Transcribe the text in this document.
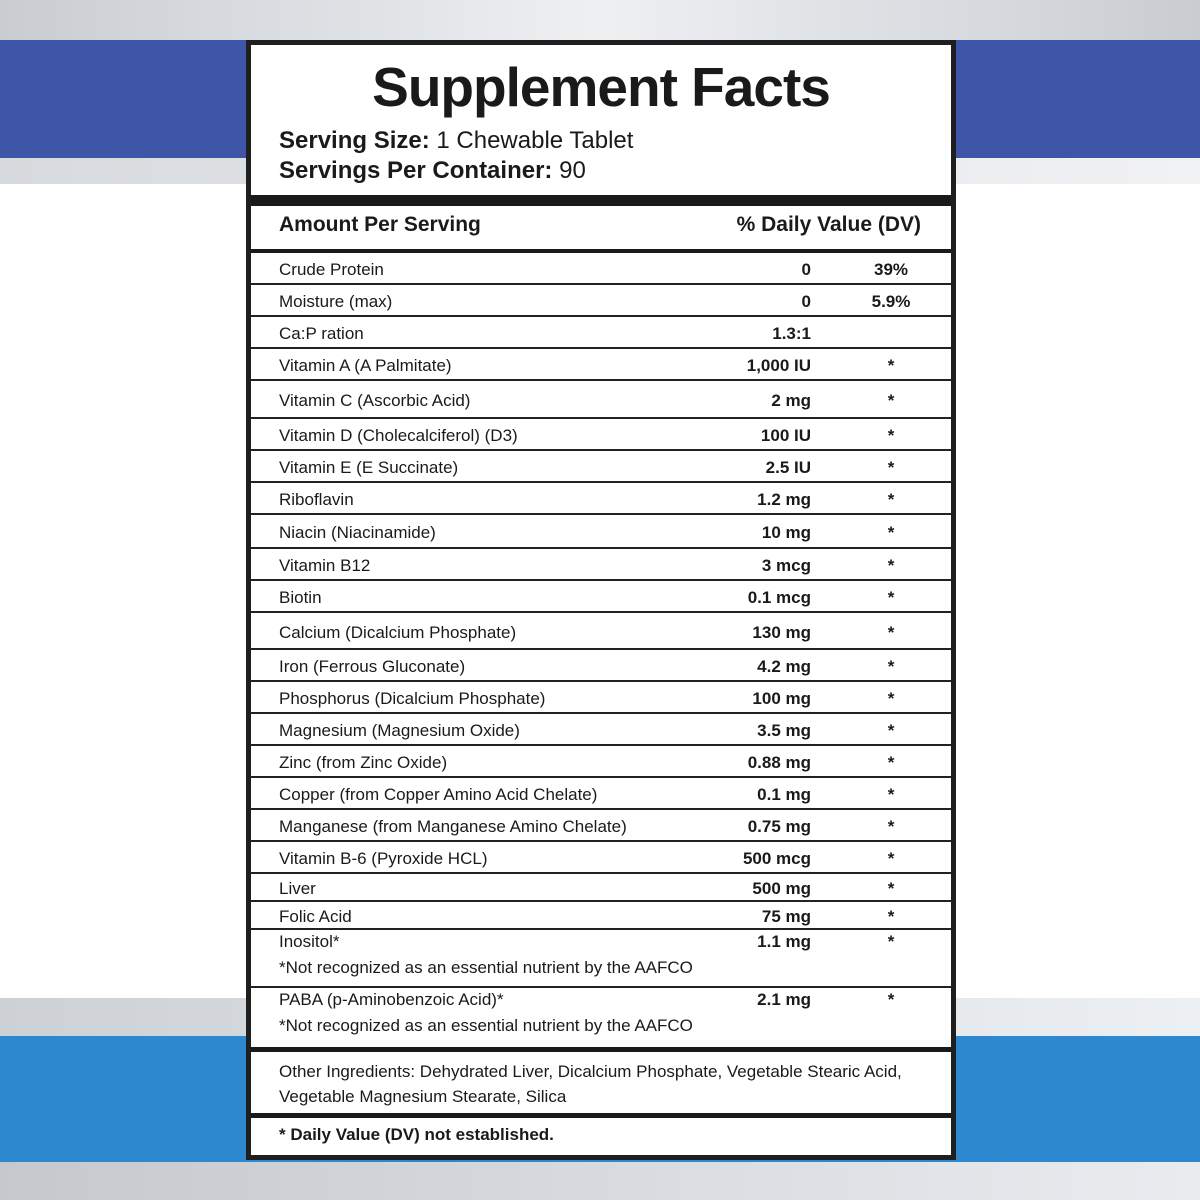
Supplement Facts
Serving Size: 1 Chewable Tablet
Servings Per Container: 90
Amount Per Serving	% Daily Value (DV)
Crude Protein	0	39%
Moisture (max)	0	5.9%
Ca:P ration	1.3:1
Vitamin A (A Palmitate)	1,000 IU	*
Vitamin C (Ascorbic Acid)	2 mg	*
Vitamin D (Cholecalciferol) (D3)	100 IU	*
Vitamin E (E Succinate)	2.5 IU	*
Riboflavin	1.2 mg	*
Niacin (Niacinamide)	10 mg	*
Vitamin B12	3 mcg	*
Biotin	0.1 mcg	*
Calcium (Dicalcium Phosphate)	130 mg	*
Iron (Ferrous Gluconate)	4.2 mg	*
Phosphorus (Dicalcium Phosphate)	100 mg	*
Magnesium (Magnesium Oxide)	3.5 mg	*
Zinc (from Zinc Oxide)	0.88 mg	*
Copper (from Copper Amino Acid Chelate)	0.1 mg	*
Manganese (from Manganese Amino Chelate)	0.75 mg	*
Vitamin B-6 (Pyroxide HCL)	500 mcg	*
Liver	500 mg	*
Folic Acid	75 mg	*
Inositol*	1.1 mg	*
*Not recognized as an essential nutrient by the AAFCO
PABA (p-Aminobenzoic Acid)*	2.1 mg	*
*Not recognized as an essential nutrient by the AAFCO
Other Ingredients: Dehydrated Liver, Dicalcium Phosphate, Vegetable Stearic Acid, Vegetable Magnesium Stearate, Silica
* Daily Value (DV) not established.
